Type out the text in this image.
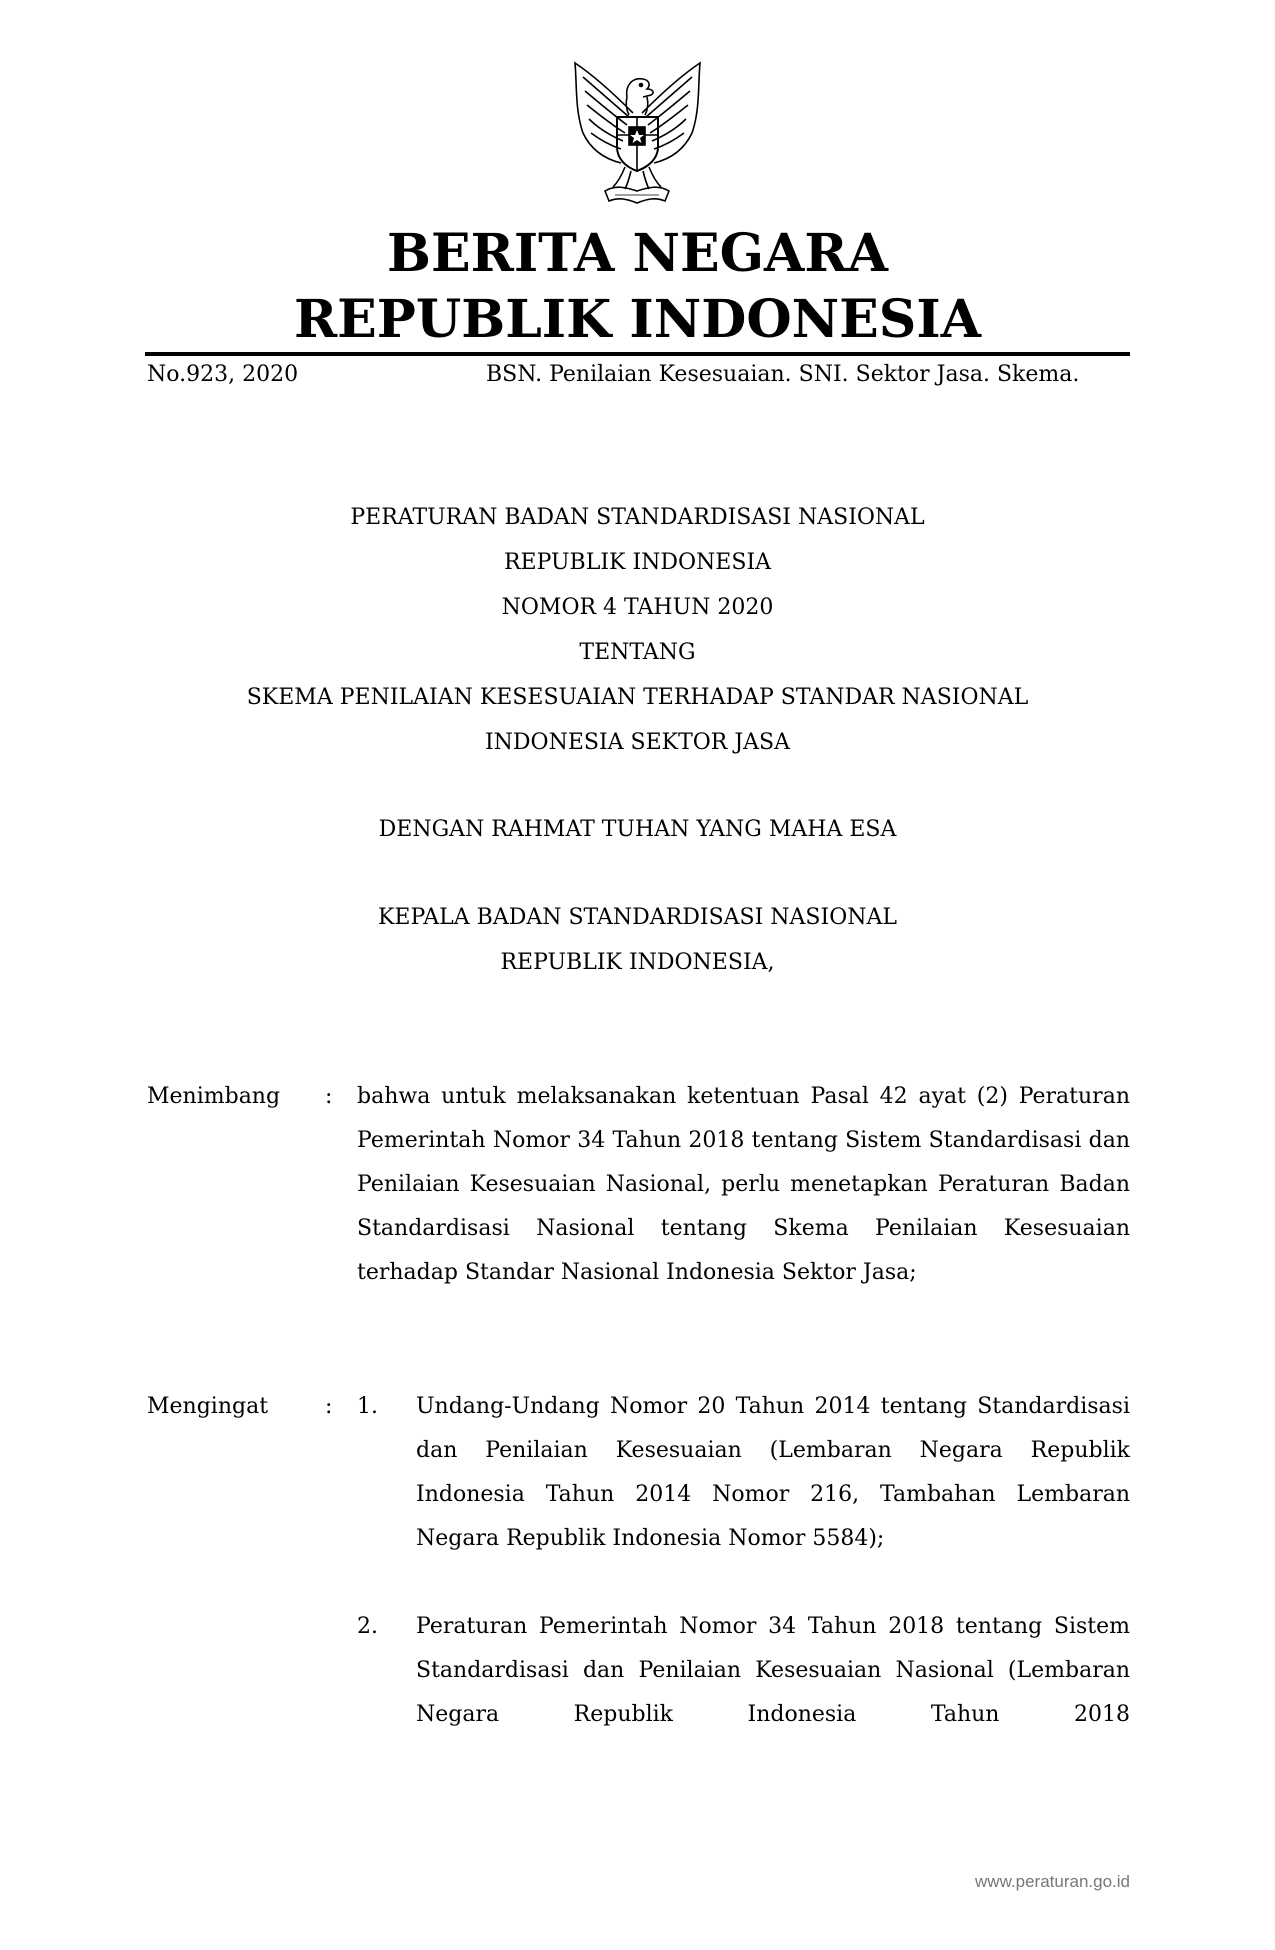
BERITA NEGARA
REPUBLIK INDONESIA
No.923, 2020	BSN. Penilaian Kesesuaian. SNI. Sektor Jasa. Skema.
PERATURAN BADAN STANDARDISASI NASIONAL
REPUBLIK INDONESIA
NOMOR 4 TAHUN 2020
TENTANG
SKEMA PENILAIAN KESESUAIAN TERHADAP STANDAR NASIONAL
INDONESIA SEKTOR JASA
DENGAN RAHMAT TUHAN YANG MAHA ESA
KEPALA BADAN STANDARDISASI NASIONAL
REPUBLIK INDONESIA,
Menimbang : bahwa untuk melaksanakan ketentuan Pasal 42 ayat (2) Peraturan Pemerintah Nomor 34 Tahun 2018 tentang Sistem Standardisasi dan Penilaian Kesesuaian Nasional, perlu menetapkan Peraturan Badan Standardisasi Nasional tentang Skema Penilaian Kesesuaian terhadap Standar Nasional Indonesia Sektor Jasa;
Mengingat	: 1. Undang-Undang Nomor 20 Tahun 2014 tentang Standardisasi dan Penilaian Kesesuaian (Lembaran Negara Republik Indonesia Tahun 2014 Nomor 216, Tambahan Lembaran Negara Republik Indonesia Nomor 5584);
2. Peraturan Pemerintah Nomor 34 Tahun 2018 tentang Sistem Standardisasi dan Penilaian Kesesuaian Nasional (Lembaran Negara Republik Indonesia Tahun 2018
www.peraturan.go.id
